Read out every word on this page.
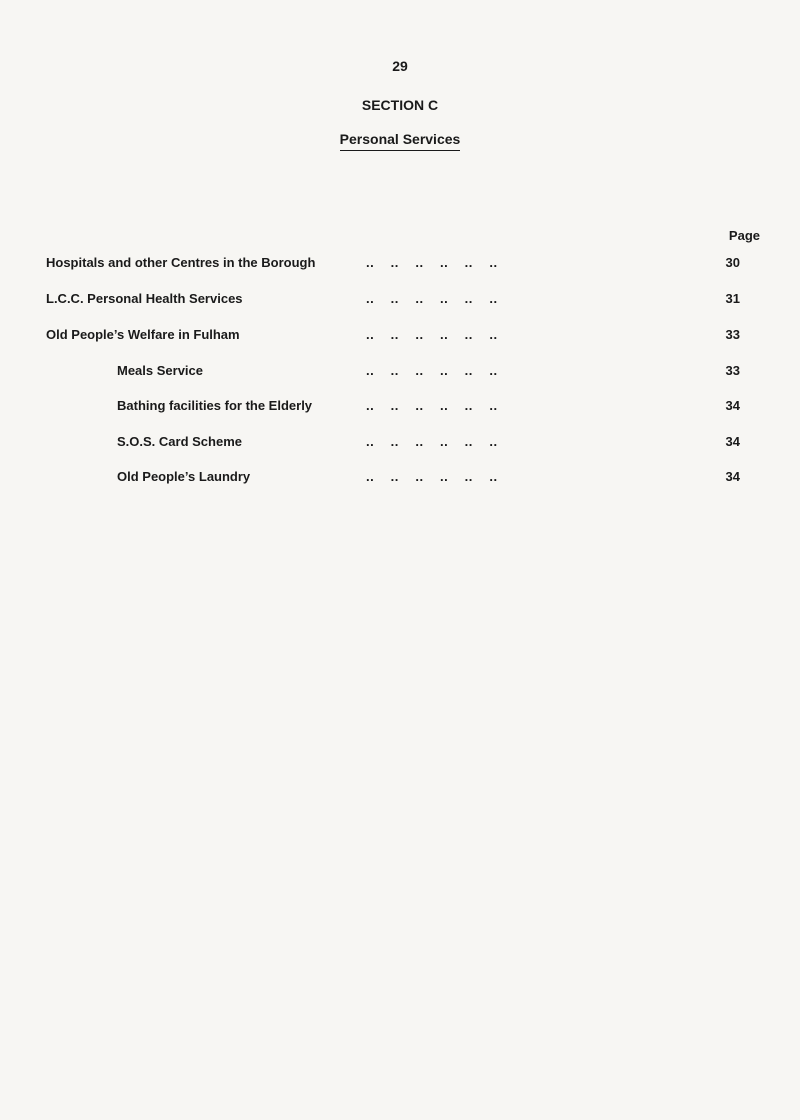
29
SECTION C
Personal Services
Page
Hospitals and other Centres in the Borough	..    ..    ..    ..    ..    ..	30
L.C.C. Personal Health Services	..    ..    ..    ..    ..    ..	31
Old People’s Welfare in Fulham	..    ..    ..    ..    ..    ..	33
Meals Service	..    ..    ..    ..    ..    ..	33
Bathing facilities for the Elderly	..    ..    ..    ..    ..    ..	34
S.O.S. Card Scheme	..    ..    ..    ..    ..    ..	34
Old People’s Laundry	..    ..    ..    ..    ..    ..	34
